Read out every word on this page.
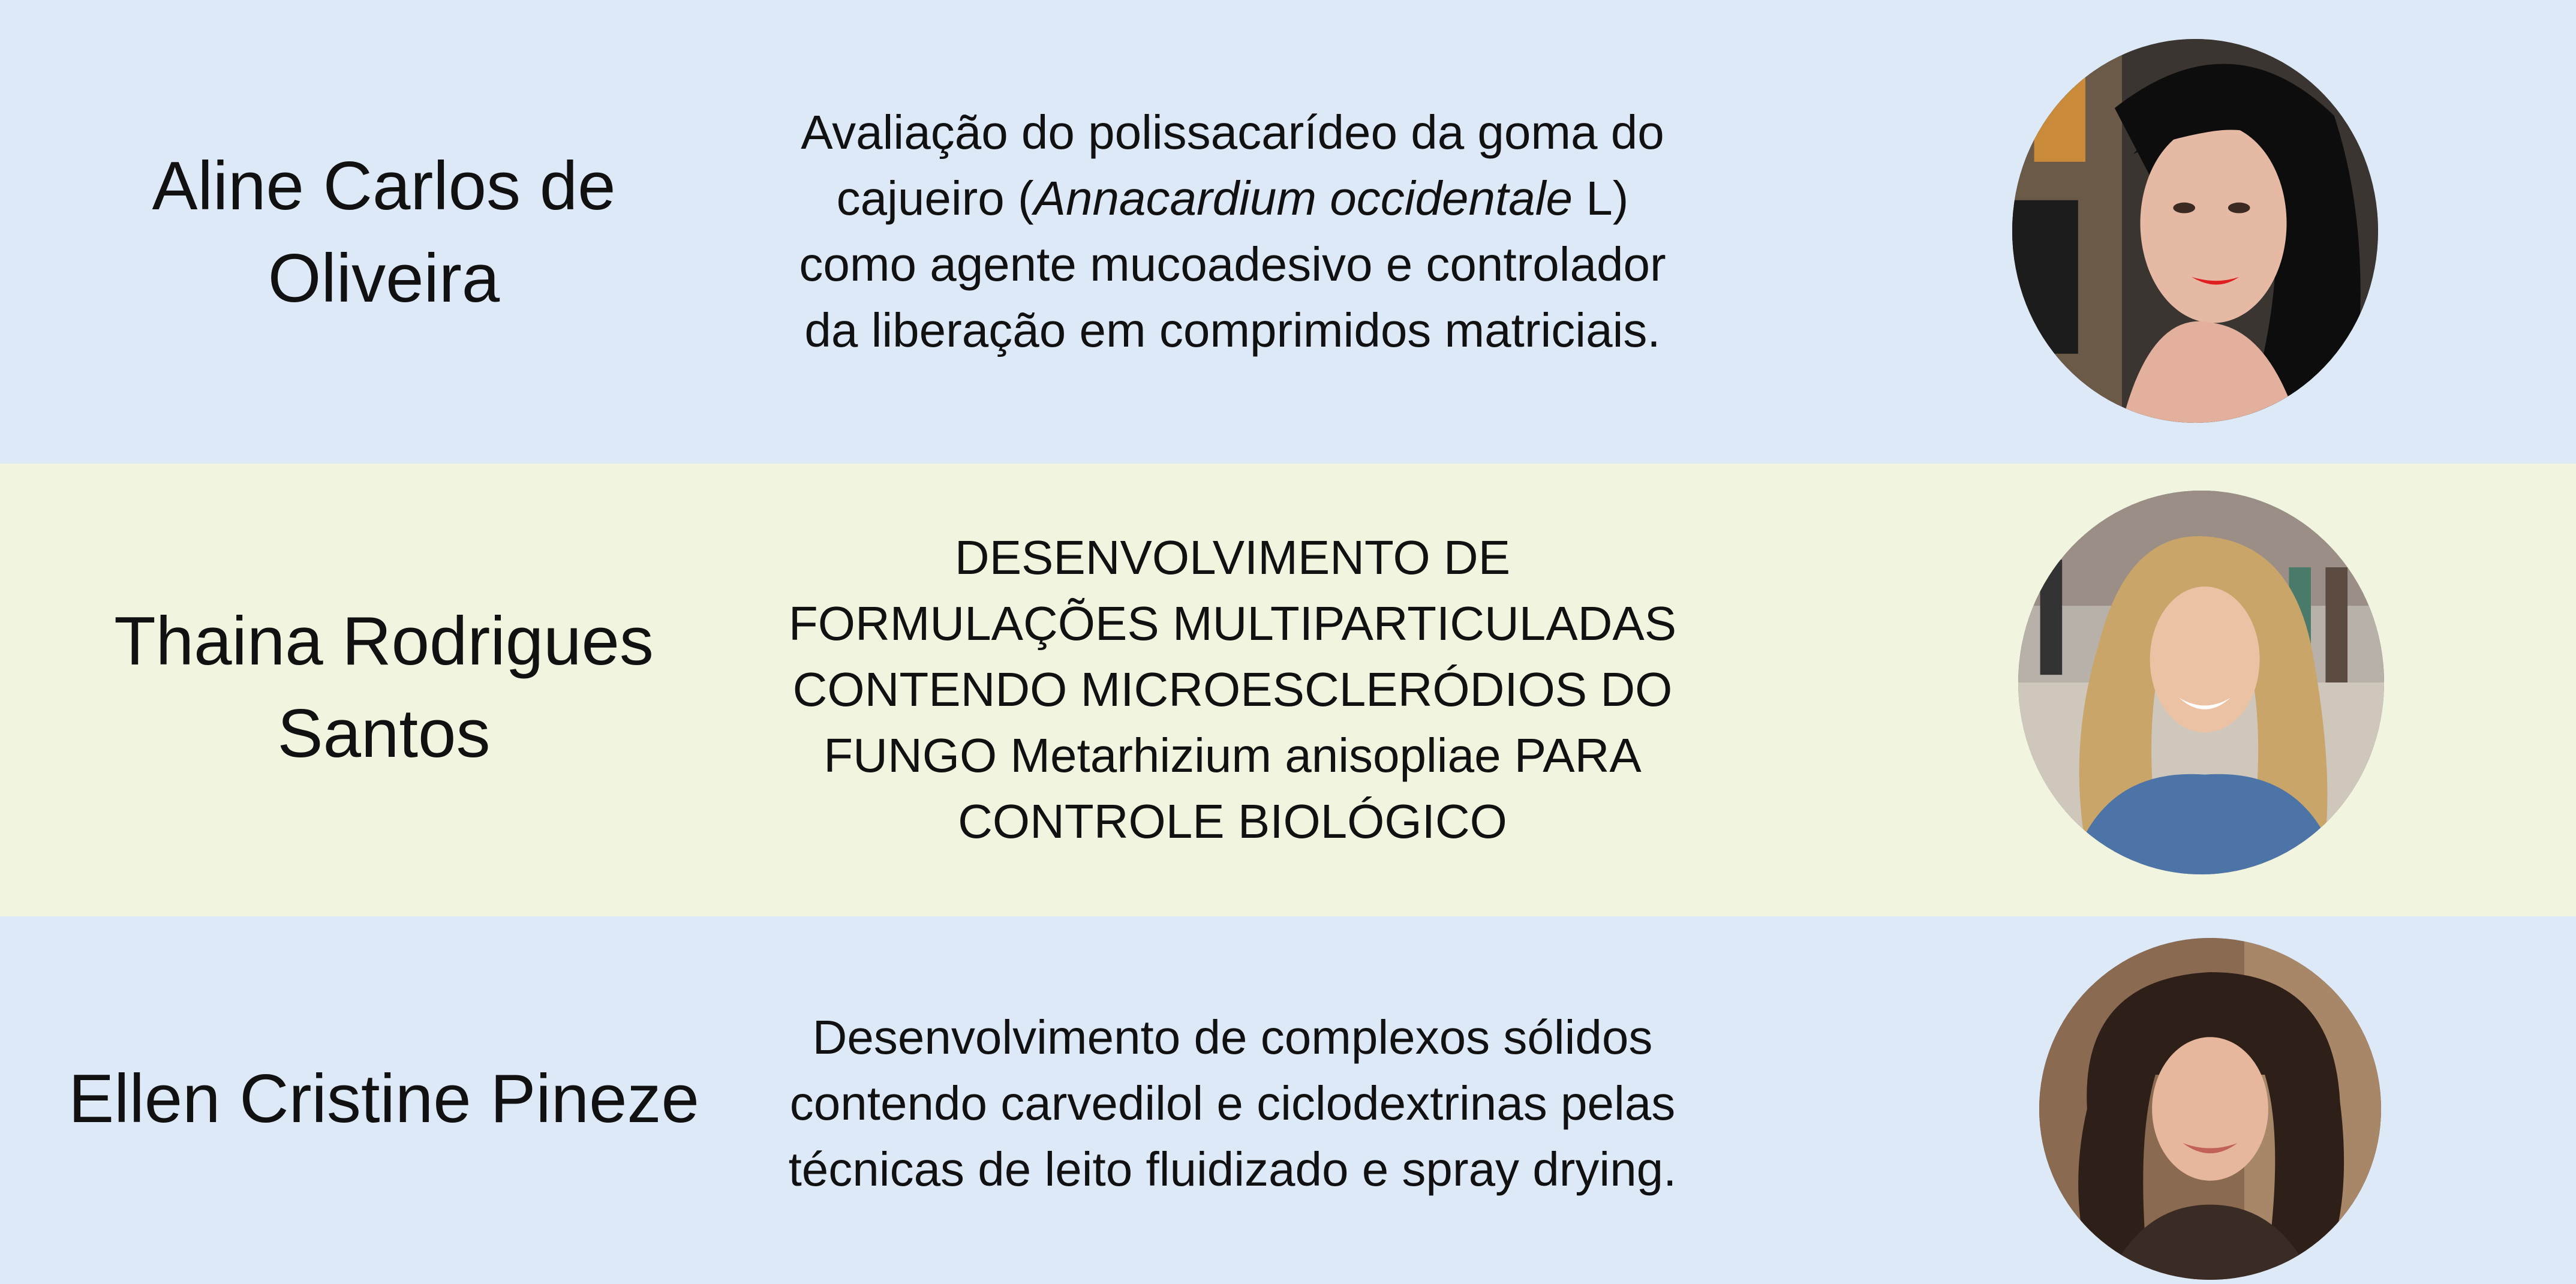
Aline Carlos de
Oliveira
Avaliação do polissacarídeo da goma do cajueiro (Annacardium occidentale L) como agente mucoadesivo e controlador da liberação em comprimidos matriciais.
Thaina Rodrigues
Santos
DESENVOLVIMENTO DE FORMULAÇÕES MULTIPARTICULADAS CONTENDO MICROESCLERÓDIOS DO FUNGO Metarhizium anisopliae PARA CONTROLE BIOLÓGICO
Ellen Cristine Pineze
Desenvolvimento de complexos sólidos contendo carvedilol e ciclodextrinas pelas técnicas de leito fluidizado e spray drying.
